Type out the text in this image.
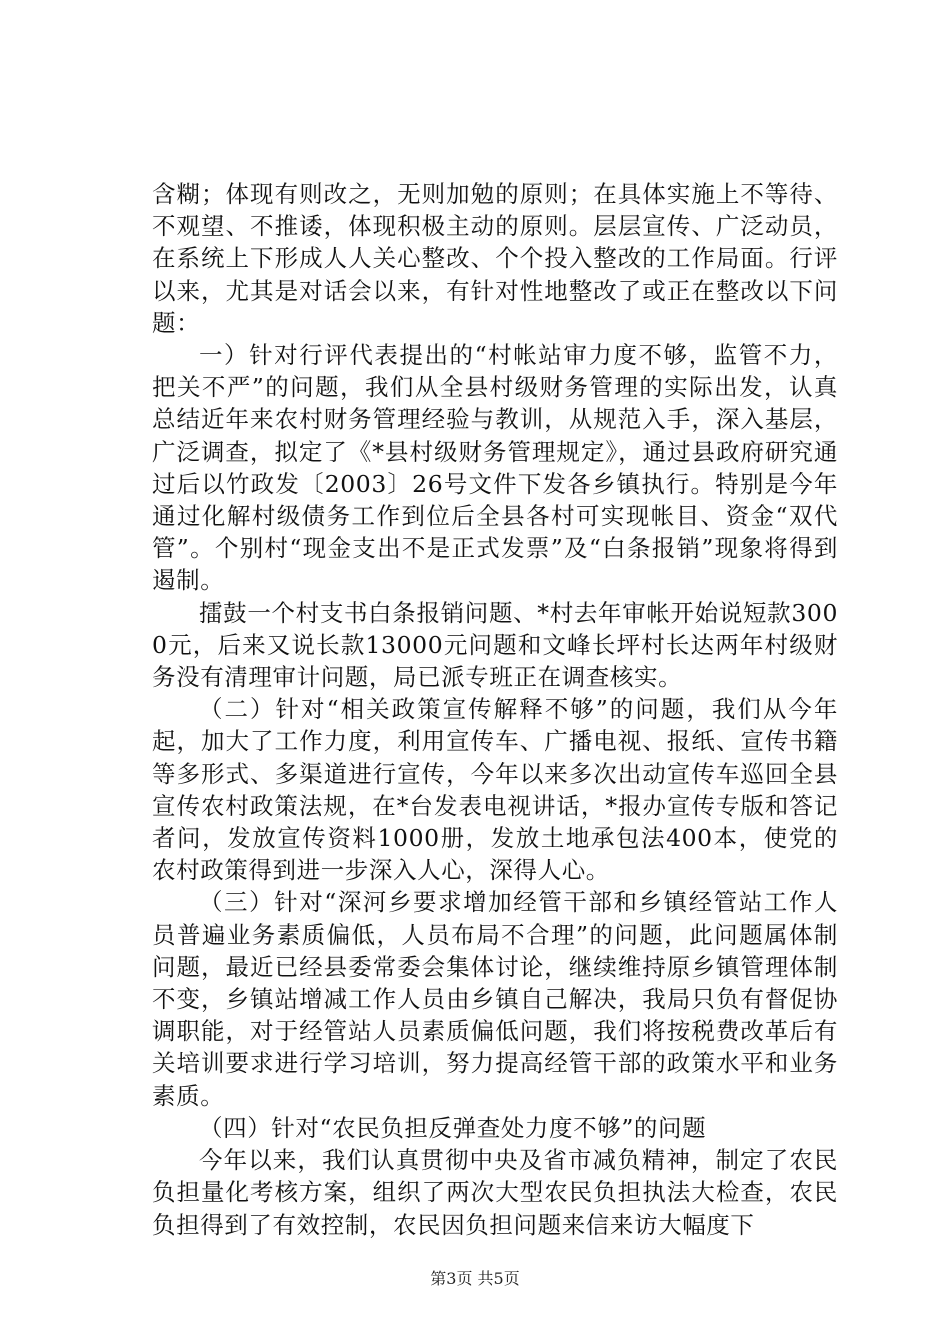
含糊；体现有则改之，无则加勉的原则；在具体实施上不等待、不观望、不推诿，体现积极主动的原则。层层宣传、广泛动员，在系统上下形成人人关心整改、个个投入整改的工作局面。行评以来，尤其是对话会以来，有针对性地整改了或正在整改以下问题：

一）针对行评代表提出的“村帐站审力度不够，监管不力，把关不严”的问题，我们从全县村级财务管理的实际出发，认真总结近年来农村财务管理经验与教训，从规范入手，深入基层，广泛调查，拟定了《*县村级财务管理规定》，通过县政府研究通过后以竹政发〔2003〕26号文件下发各乡镇执行。特别是今年通过化解村级债务工作到位后全县各村可实现帐目、资金“双代管”。个别村“现金支出不是正式发票”及“白条报销”现象将得到遏制。

擂鼓一个村支书白条报销问题、*村去年审帐开始说短款3000元，后来又说长款13000元问题和文峰长坪村长达两年村级财务没有清理审计问题，局已派专班正在调查核实。

（二）针对“相关政策宣传解释不够”的问题，我们从今年起，加大了工作力度，利用宣传车、广播电视、报纸、宣传书籍等多形式、多渠道进行宣传，今年以来多次出动宣传车巡回全县宣传农村政策法规，在*台发表电视讲话，*报办宣传专版和答记者问，发放宣传资料1000册，发放土地承包法400本，使党的农村政策得到进一步深入人心，深得人心。

（三）针对“深河乡要求增加经管干部和乡镇经管站工作人员普遍业务素质偏低，人员布局不合理”的问题，此问题属体制问题，最近已经县委常委会集体讨论，继续维持原乡镇管理体制不变，乡镇站增减工作人员由乡镇自己解决，我局只负有督促协调职能，对于经管站人员素质偏低问题，我们将按税费改革后有关培训要求进行学习培训，努力提高经管干部的政策水平和业务素质。

（四）针对“农民负担反弹查处力度不够”的问题

今年以来，我们认真贯彻中央及省市减负精神，制定了农民负担量化考核方案，组织了两次大型农民负担执法大检查，农民负担得到了有效控制，农民因负担问题来信来访大幅度下

第3页 共5页
